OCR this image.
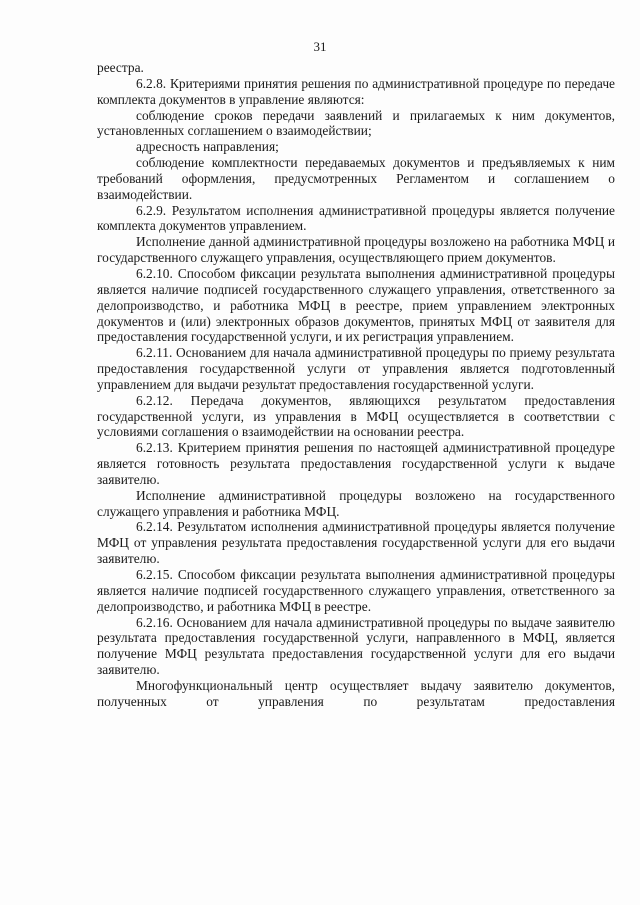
31

реестра.

6.2.8. Критериями принятия решения по административной процедуре по передаче комплекта документов в управление являются:

соблюдение сроков передачи заявлений и прилагаемых к ним документов, установленных соглашением о взаимодействии;

адресность направления;

соблюдение комплектности передаваемых документов и предъявляемых к ним требований оформления, предусмотренных Регламентом и соглашением о взаимодействии.

6.2.9. Результатом исполнения административной процедуры является получение комплекта документов управлением.

Исполнение данной административной процедуры возложено на работника МФЦ и государственного служащего управления, осуществляющего прием документов.

6.2.10. Способом фиксации результата выполнения административной процедуры является наличие подписей государственного служащего управления, ответственного за делопроизводство, и работника МФЦ в реестре, прием управлением электронных документов и (или) электронных образов документов, принятых МФЦ от заявителя для предоставления государственной услуги, и их регистрация управлением.

6.2.11. Основанием для начала административной процедуры по приему результата предоставления государственной услуги от управления является подготовленный управлением для выдачи результат предоставления государственной услуги.

6.2.12. Передача документов, являющихся результатом предоставления государственной услуги, из управления в МФЦ осуществляется в соответствии с условиями соглашения о взаимодействии на основании реестра.

6.2.13. Критерием принятия решения по настоящей административной процедуре является готовность результата предоставления государственной услуги к выдаче заявителю.

Исполнение административной процедуры возложено на государственного служащего управления и работника МФЦ.

6.2.14. Результатом исполнения административной процедуры является получение МФЦ от управления результата предоставления государственной услуги для его выдачи заявителю.

6.2.15. Способом фиксации результата выполнения административной процедуры является наличие подписей государственного служащего управления, ответственного за делопроизводство, и работника МФЦ в реестре.

6.2.16. Основанием для начала административной процедуры по выдаче заявителю результата предоставления государственной услуги, направленного в МФЦ, является получение МФЦ результата предоставления государственной услуги для его выдачи заявителю.

Многофункциональный центр осуществляет выдачу заявителю документов, полученных от управления по результатам предоставления
